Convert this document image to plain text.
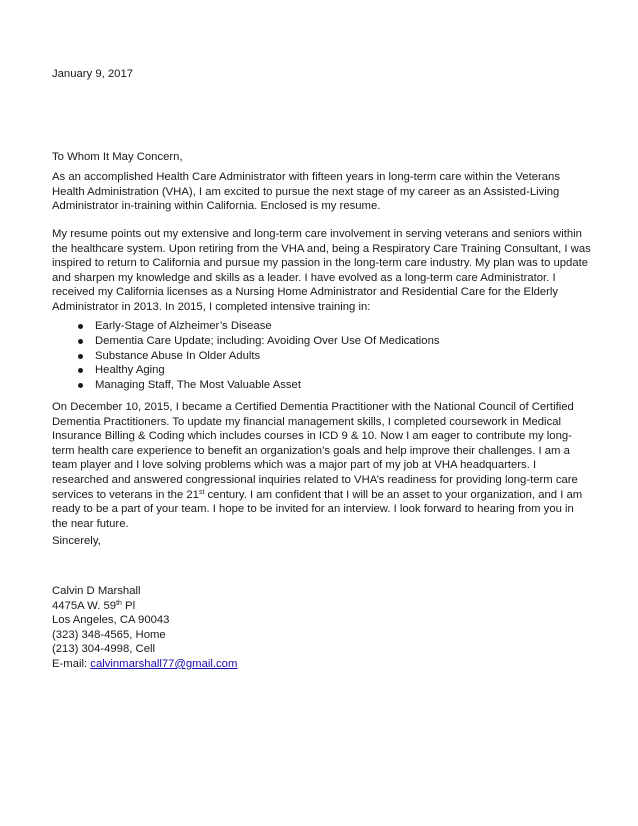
January 9, 2017
To Whom It May Concern,

As an accomplished Health Care Administrator with fifteen years in long-term care within the Veterans Health Administration (VHA), I am excited to pursue the next stage of my career as an Assisted-Living Administrator in-training within California. Enclosed is my resume.

My resume points out my extensive and long-term care involvement in serving veterans and seniors within the healthcare system. Upon retiring from the VHA and, being a Respiratory Care Training Consultant, I was inspired to return to California and pursue my passion in the long-term care industry. My plan was to update and sharpen my knowledge and skills as a leader. I have evolved as a long-term care Administrator. I received my California licenses as a Nursing Home Administrator and Residential Care for the Elderly Administrator in 2013. In 2015, I completed intensive training in:

Early-Stage of Alzheimer’s Disease
Dementia Care Update; including: Avoiding Over Use Of Medications
Substance Abuse In Older Adults
Healthy Aging
Managing Staff, The Most Valuable Asset

On December 10, 2015, I became a Certified Dementia Practitioner with the National Council of Certified Dementia Practitioners. To update my financial management skills, I completed coursework in Medical Insurance Billing & Coding which includes courses in ICD 9 & 10. Now I am eager to contribute my long-term health care experience to benefit an organization’s goals and help improve their challenges. I am a team player and I love solving problems which was a major part of my job at VHA headquarters. I researched and answered congressional inquiries related to VHA’s readiness for providing long-term care services to veterans in the 21st century. I am confident that I will be an asset to your organization, and I am ready to be a part of your team. I hope to be invited for an interview. I look forward to hearing from you in the near future.

Sincerely,
Calvin D Marshall
4475A W. 59th Pl
Los Angeles, CA 90043
(323) 348-4565, Home
(213) 304-4998, Cell
E-mail: calvinmarshall77@gmail.com
